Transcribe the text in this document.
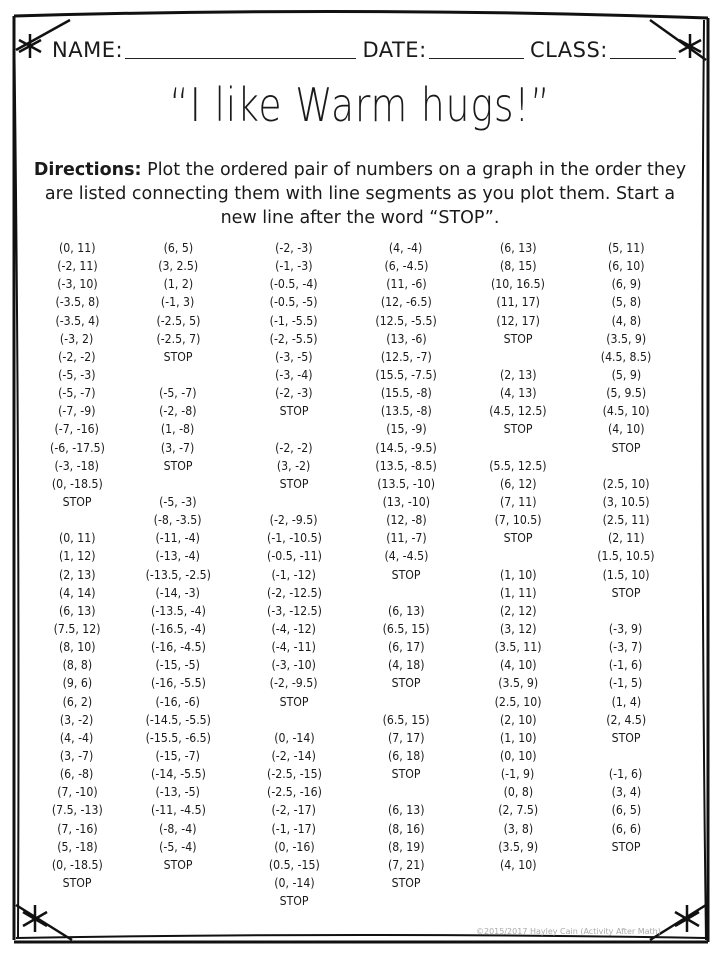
NAME:	DATE:	CLASS:
“I like Warm hugs!”
Directions: Plot the ordered pair of numbers on a graph in the order they are listed connecting them with line segments as you plot them. Start a new line after the word “STOP”.
(0, 11)
(-2, 11)
(-3, 10)
(-3.5, 8)
(-3.5, 4)
(-3, 2)
(-2, -2)
(-5, -3)
(-5, -7)
(-7, -9)
(-7, -16)
(-6, -17.5)
(-3, -18)
(0, -18.5)
STOP
(0, 11)
(1, 12)
(2, 13)
(4, 14)
(6, 13)
(7.5, 12)
(8, 10)
(8, 8)
(9, 6)
(6, 2)
(3, -2)
(4, -4)
(3, -7)
(6, -8)
(7, -10)
(7.5, -13)
(7, -16)
(5, -18)
(0, -18.5)
STOP
(6, 5)
(3, 2.5)
(1, 2)
(-1, 3)
(-2.5, 5)
(-2.5, 7)
STOP
(-5, -7)
(-2, -8)
(1, -8)
(3, -7)
STOP
(-5, -3)
(-8, -3.5)
(-11, -4)
(-13, -4)
(-13.5, -2.5)
(-14, -3)
(-13.5, -4)
(-16.5, -4)
(-16, -4.5)
(-15, -5)
(-16, -5.5)
(-16, -6)
(-14.5, -5.5)
(-15.5, -6.5)
(-15, -7)
(-14, -5.5)
(-13, -5)
(-11, -4.5)
(-8, -4)
(-5, -4)
STOP
(-2, -3)
(-1, -3)
(-0.5, -4)
(-0.5, -5)
(-1, -5.5)
(-2, -5.5)
(-3, -5)
(-3, -4)
(-2, -3)
STOP
(-2, -2)
(3, -2)
STOP
(-2, -9.5)
(-1, -10.5)
(-0.5, -11)
(-1, -12)
(-2, -12.5)
(-3, -12.5)
(-4, -12)
(-4, -11)
(-3, -10)
(-2, -9.5)
STOP
(0, -14)
(-2, -14)
(-2.5, -15)
(-2.5, -16)
(-2, -17)
(-1, -17)
(0, -16)
(0.5, -15)
(0, -14)
STOP
(4, -4)
(6, -4.5)
(11, -6)
(12, -6.5)
(12.5, -5.5)
(13, -6)
(12.5, -7)
(15.5, -7.5)
(15.5, -8)
(13.5, -8)
(15, -9)
(14.5, -9.5)
(13.5, -8.5)
(13.5, -10)
(13, -10)
(12, -8)
(11, -7)
(4, -4.5)
STOP
(6, 13)
(6.5, 15)
(6, 17)
(4, 18)
STOP
(6.5, 15)
(7, 17)
(6, 18)
STOP
(6, 13)
(8, 16)
(8, 19)
(7, 21)
STOP
(6, 13)
(8, 15)
(10, 16.5)
(11, 17)
(12, 17)
STOP
(2, 13)
(4, 13)
(4.5, 12.5)
STOP
(5.5, 12.5)
(6, 12)
(7, 11)
(7, 10.5)
STOP
(1, 10)
(1, 11)
(2, 12)
(3, 12)
(3.5, 11)
(4, 10)
(3.5, 9)
(2.5, 10)
(2, 10)
(1, 10)
(0, 10)
(-1, 9)
(0, 8)
(2, 7.5)
(3, 8)
(3.5, 9)
(4, 10)
(5, 11)
(6, 10)
(6, 9)
(5, 8)
(4, 8)
(3.5, 9)
(4.5, 8.5)
(5, 9)
(5, 9.5)
(4.5, 10)
(4, 10)
STOP
(2.5, 10)
(3, 10.5)
(2.5, 11)
(2, 11)
(1.5, 10.5)
(1.5, 10)
STOP
(-3, 9)
(-3, 7)
(-1, 6)
(-1, 5)
(1, 4)
(2, 4.5)
STOP
(-1, 6)
(3, 4)
(6, 5)
(6, 6)
STOP
©2015/2017 Hayley Cain (Activity After Math)
